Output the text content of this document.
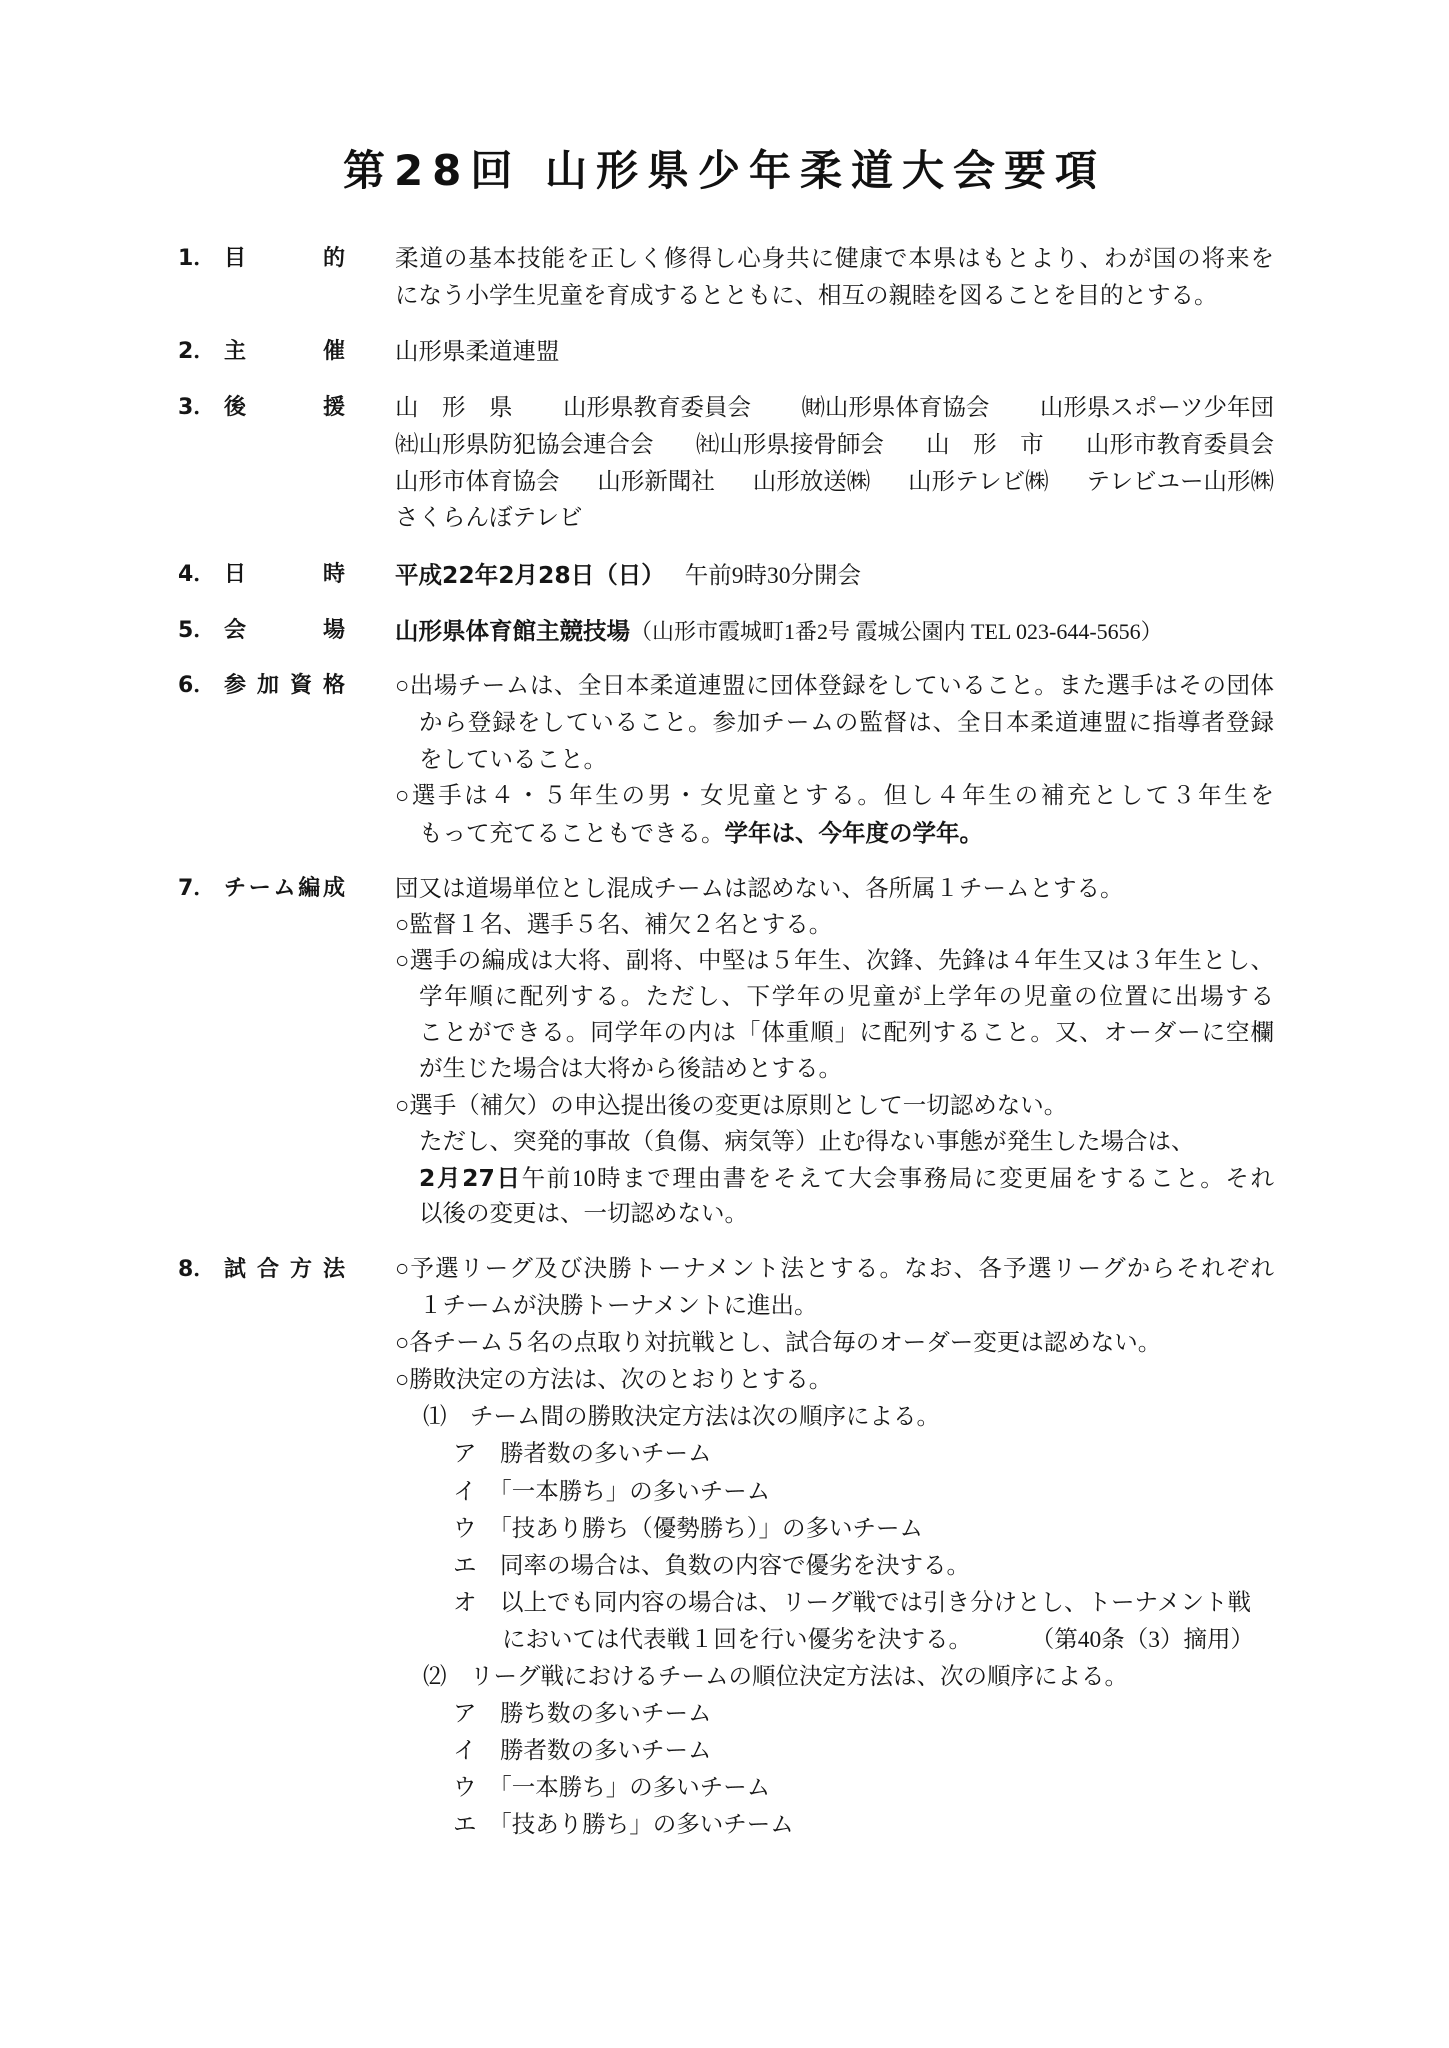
第28回 山形県少年柔道大会要項
1． 目的 柔道の基本技能を正しく修得し心身共に健康で本県はもとより、わが国の将来を
になう小学生児童を育成するとともに、相互の親睦を図ることを目的とする。
2． 主催 山形県柔道連盟
3． 後援 山　形　県 山形県教育委員会 ㈶山形県体育協会 山形県スポーツ少年団
㈳山形県防犯協会連合会 ㈳山形県接骨師会 山　形　市 山形市教育委員会
山形市体育協会 山形新聞社 山形放送㈱ 山形テレビ㈱ テレビユー山形㈱
さくらんぼテレビ
4． 日時 平成22年2月28日（日） 午前9時30分開会
5． 会場 山形県体育館主競技場（山形市霞城町1番2号 霞城公園内 TEL 023-644-5656）
6． 参加資格 ○出場チームは、全日本柔道連盟に団体登録をしていること。また選手はその団体
から登録をしていること。参加チームの監督は、全日本柔道連盟に指導者登録
をしていること。
○選手は４・５年生の男・女児童とする。但し４年生の補充として３年生を
もって充てることもできる。学年は、今年度の学年。
7． チーム編成 団又は道場単位とし混成チームは認めない、各所属１チームとする。
○監督１名、選手５名、補欠２名とする。
○選手の編成は大将、副将、中堅は５年生、次鋒、先鋒は４年生又は３年生とし、
学年順に配列する。ただし、下学年の児童が上学年の児童の位置に出場する
ことができる。同学年の内は「体重順」に配列すること。又、オーダーに空欄
が生じた場合は大将から後詰めとする。
○選手（補欠）の申込提出後の変更は原則として一切認めない。
ただし、突発的事故（負傷、病気等）止む得ない事態が発生した場合は、
2月27日午前10時まで理由書をそえて大会事務局に変更届をすること。それ
以後の変更は、一切認めない。
8． 試合方法 ○予選リーグ及び決勝トーナメント法とする。なお、各予選リーグからそれぞれ
１チームが決勝トーナメントに進出。
○各チーム５名の点取り対抗戦とし、試合毎のオーダー変更は認めない。
○勝敗決定の方法は、次のとおりとする。
⑴　チーム間の勝敗決定方法は次の順序による。
ア　勝者数の多いチーム
イ　「一本勝ち」の多いチーム
ウ　「技あり勝ち（優勢勝ち）」の多いチーム
エ　同率の場合は、負数の内容で優劣を決する。
オ　以上でも同内容の場合は、リーグ戦では引き分けとし、トーナメント戦
においては代表戦１回を行い優劣を決する。	（第40条（3）摘用）
⑵　リーグ戦におけるチームの順位決定方法は、次の順序による。
ア　勝ち数の多いチーム
イ　勝者数の多いチーム
ウ　「一本勝ち」の多いチーム
エ　「技あり勝ち」の多いチーム
